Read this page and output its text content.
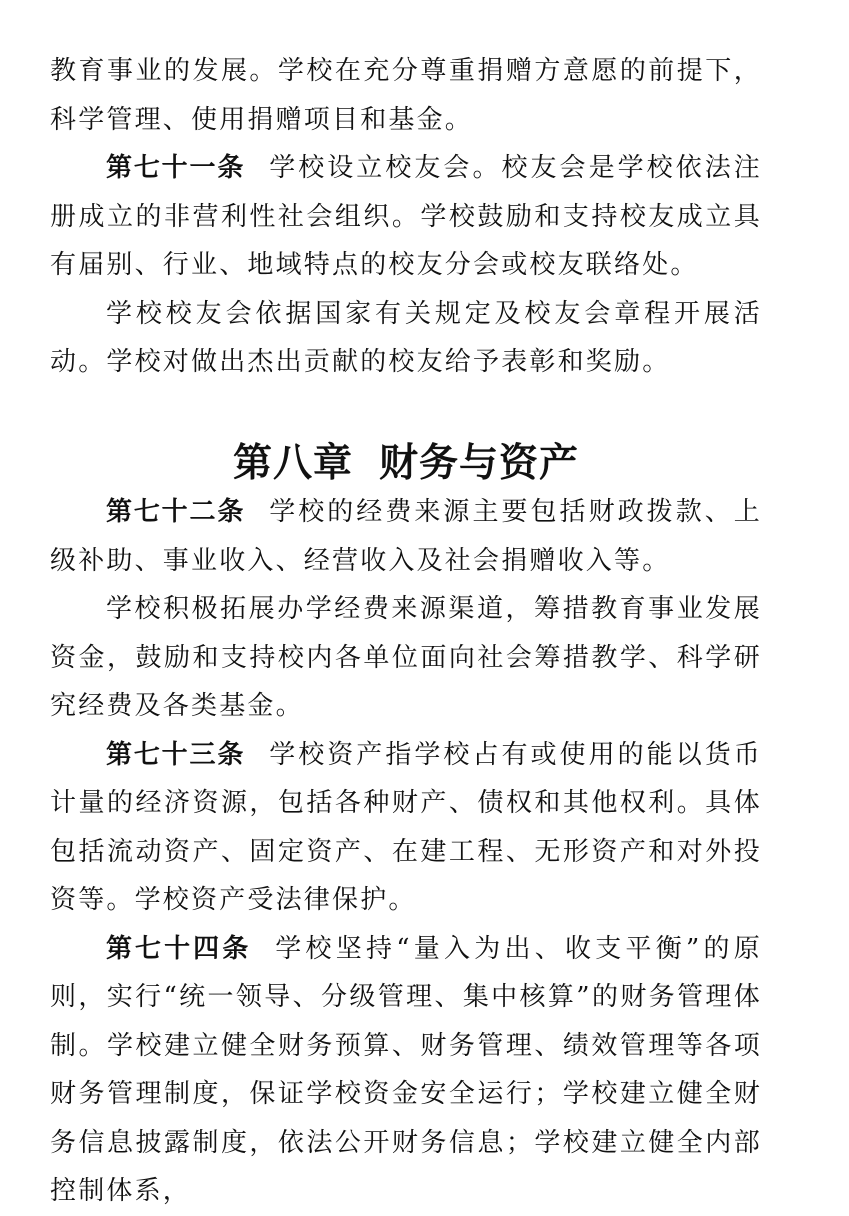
教育事业的发展。学校在充分尊重捐赠方意愿的前提下，科学管理、使用捐赠项目和基金。

第七十一条 学校设立校友会。校友会是学校依法注册成立的非营利性社会组织。学校鼓励和支持校友成立具有届别、行业、地域特点的校友分会或校友联络处。

学校校友会依据国家有关规定及校友会章程开展活动。学校对做出杰出贡献的校友给予表彰和奖励。

第八章 财务与资产

第七十二条 学校的经费来源主要包括财政拨款、上级补助、事业收入、经营收入及社会捐赠收入等。

学校积极拓展办学经费来源渠道，筹措教育事业发展资金，鼓励和支持校内各单位面向社会筹措教学、科学研究经费及各类基金。

第七十三条 学校资产指学校占有或使用的能以货币计量的经济资源，包括各种财产、债权和其他权利。具体包括流动资产、固定资产、在建工程、无形资产和对外投资等。学校资产受法律保护。

第七十四条 学校坚持“量入为出、收支平衡”的原则，实行“统一领导、分级管理、集中核算”的财务管理体制。学校建立健全财务预算、财务管理、绩效管理等各项财务管理制度，保证学校资金安全运行；学校建立健全财务信息披露制度，依法公开财务信息；学校建立健全内部控制体系，
